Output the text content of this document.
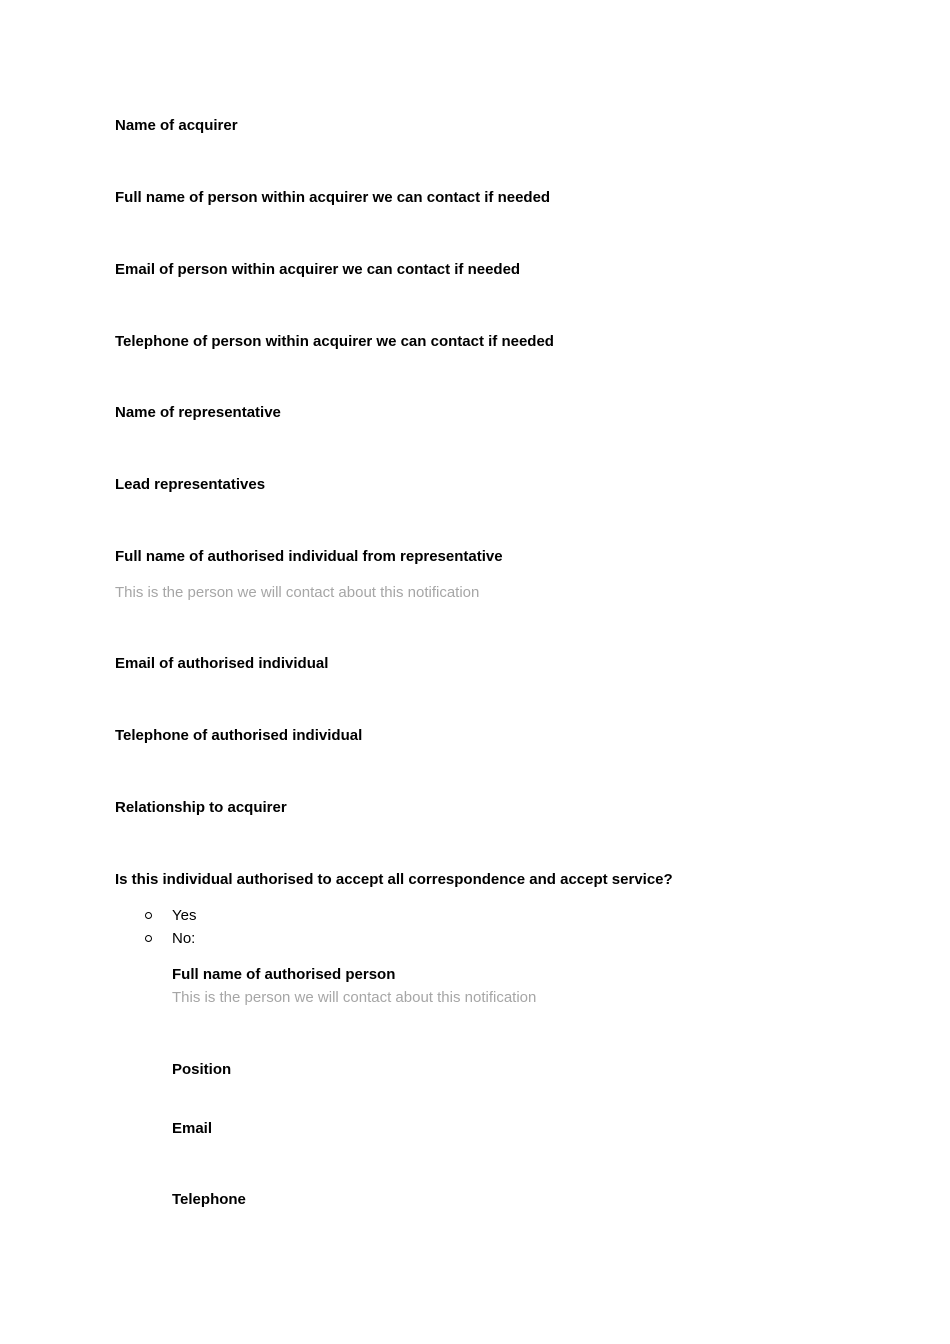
Name of acquirer

Full name of person within acquirer we can contact if needed

Email of person within acquirer we can contact if needed

Telephone of person within acquirer we can contact if needed

Name of representative

Lead representatives

Full name of authorised individual from representative

This is the person we will contact about this notification

Email of authorised individual

Telephone of authorised individual

Relationship to acquirer

Is this individual authorised to accept all correspondence and accept service?

Yes

No:

Full name of authorised person

This is the person we will contact about this notification

Position

Email

Telephone
